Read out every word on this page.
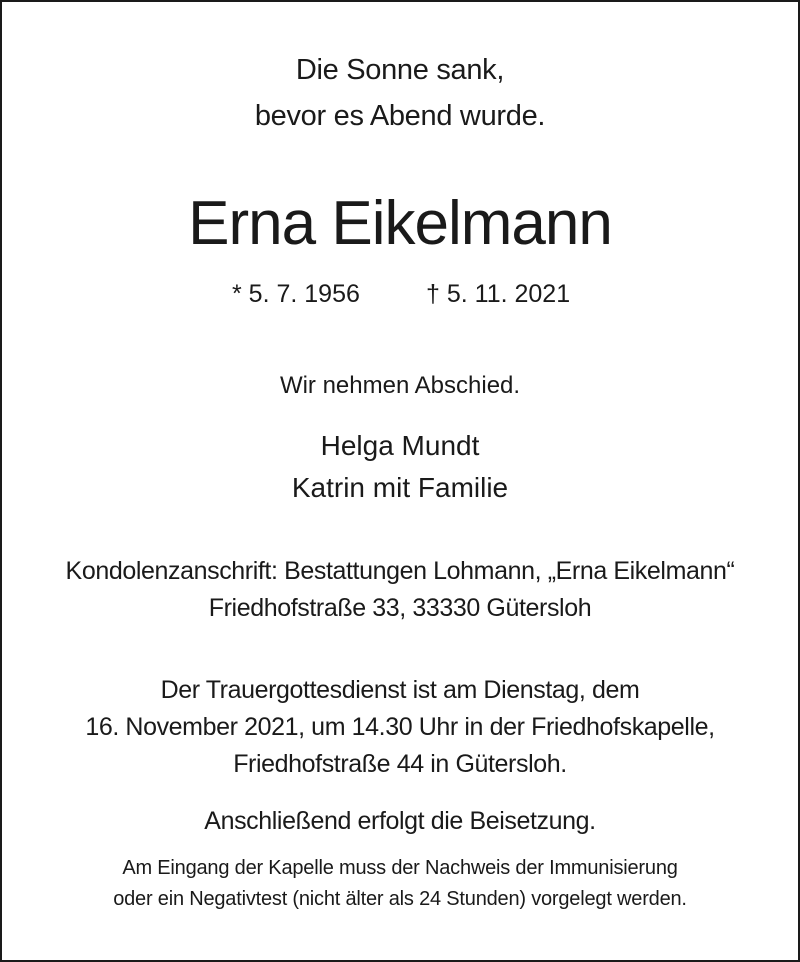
Die Sonne sank,
bevor es Abend wurde.
Erna Eikelmann
* 5. 7. 1956	† 5. 11. 2021
Wir nehmen Abschied.
Helga Mundt
Katrin mit Familie
Kondolenzanschrift: Bestattungen Lohmann, „Erna Eikelmann“
Friedhofstraße 33, 33330 Gütersloh
Der Trauergottesdienst ist am Dienstag, dem
16. November 2021, um 14.30 Uhr in der Friedhofskapelle,
Friedhofstraße 44 in Gütersloh.
Anschließend erfolgt die Beisetzung.
Am Eingang der Kapelle muss der Nachweis der Immunisierung
oder ein Negativtest (nicht älter als 24 Stunden) vorgelegt werden.
